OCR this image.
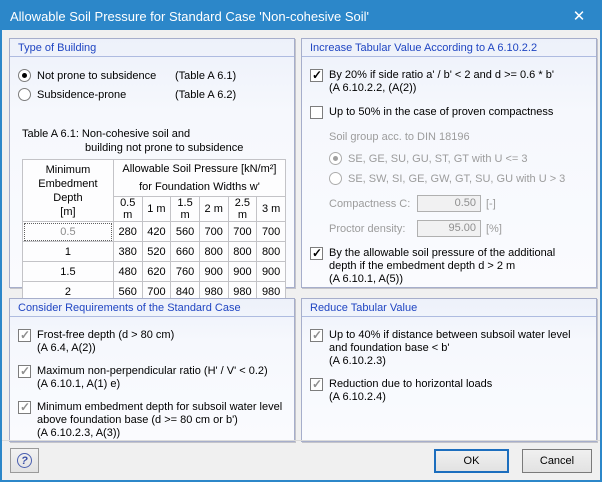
Allowable Soil Pressure for Standard Case 'Non-cohesive Soil'	✕
Type of Building
Not prone to subsidence	(Table A 6.1)
Subsidence-prone	(Table A 6.2)
Table A 6.1: Non-cohesive soil and
building not prone to subsidence
Minimum
Embedment Depth
[m]	Allowable Soil Pressure [kN/m²]					
	for Foundation Widths w'					
	0.5 m	1 m	1.5 m	2 m	2.5 m	3 m
0.5	280	420	560	700	700	700
1	380	520	660	800	800	800
1.5	480	620	760	900	900	900
2	560	700	840	980	980	980
Increase Tabular Value According to A 6.10.2.2
✓
By 20% if side ratio a' / b' < 2 and d >= 0.6 * b'
(A 6.10.2.2, (A(2))
Up to 50% in the case of proven compactness
Soil group acc. to DIN 18196
SE, GE, SU, GU, ST, GT with U <= 3
SE, SW, SI, GE, GW, GT, SU, GU with U > 3
Compactness C:	0.50 [-]
Proctor density:	95.00 [%]
✓
By the allowable soil pressure of the additional depth if the embedment depth d > 2 m
(A 6.10.1, A(5))
Consider Requirements of the Standard Case
✓
Frost-free depth (d > 80 cm)
(A 6.4, A(2))
✓
Maximum non-perpendicular ratio (H' / V' < 0.2)
(A 6.10.1, A(1) e)
✓
Minimum embedment depth for subsoil water level above foundation base (d >= 80 cm or b')
(A 6.10.2.3, A(3))
Reduce Tabular Value
✓
Up to 40% if distance between subsoil water level and foundation base < b'
(A 6.10.2.3)
✓
Reduction due to horizontal loads
(A 6.10.2.4)
?	OK	Cancel
